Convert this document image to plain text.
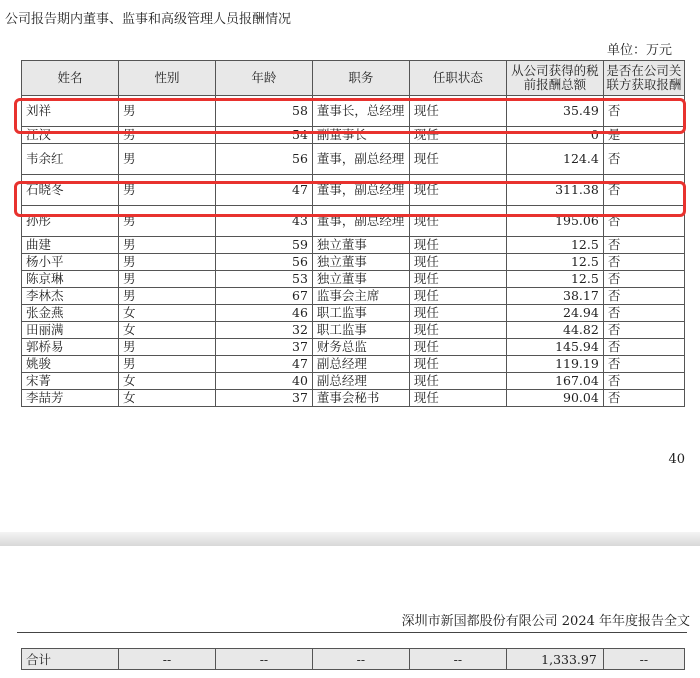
公司报告期内董事、监事和高级管理人员报酬情况
单位：万元
姓名	性别	年龄	职务	任职状态	从公司获得的税前报酬总额	是否在公司关联方获取报酬
刘祥	男	58	董事长，总经理	现任	35.49	否
江汉	男	54	副董事长	现任	0	是
韦余红	男	56	董事，副总经理	现任	124.4	否
石晓冬	男	47	董事，副总经理	现任	311.38	否
孙彤	男	43	董事，副总经理	现任	195.06	否
曲建	男	59	独立董事	现任	12.5	否
杨小平	男	56	独立董事	现任	12.5	否
陈京琳	男	53	独立董事	现任	12.5	否
李林杰	男	67	监事会主席	现任	38.17	否
张金燕	女	46	职工监事	现任	24.94	否
田丽满	女	32	职工监事	现任	44.82	否
郭桥易	男	37	财务总监	现任	145.94	否
姚骏	男	47	副总经理	现任	119.19	否
宋菁	女	40	副总经理	现任	167.04	否
李喆芳	女	37	董事会秘书	现任	90.04	否
40
深圳市新国都股份有限公司 2024 年年度报告全文
合计	--	--	--	--	1,333.97	--
